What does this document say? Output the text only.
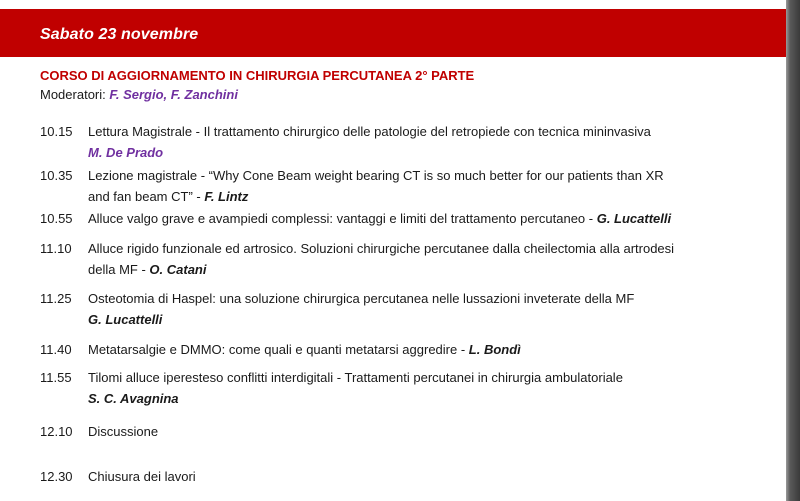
Sabato 23 novembre
CORSO DI AGGIORNAMENTO IN CHIRURGIA PERCUTANEA 2° PARTE
Moderatori: F. Sergio, F. Zanchini
10.15	Lettura Magistrale - Il trattamento chirurgico delle patologie del retropiede con tecnica mininvasiva
M. De Prado
10.35	Lezione magistrale - “Why Cone Beam weight bearing CT is so much better for our patients than XR
and fan beam CT” - F. Lintz
10.55	Alluce valgo grave e avampiedi complessi: vantaggi e limiti del trattamento percutaneo - G. Lucattelli
11.10	Alluce rigido funzionale ed artrosico. Soluzioni chirurgiche percutanee dalla cheilectomia alla artrodesi
della MF - O. Catani
11.25	Osteotomia di Haspel: una soluzione chirurgica percutanea nelle lussazioni inveterate della MF
G. Lucattelli
11.40	Metatarsalgie e DMMO: come quali e quanti metatarsi aggredire - L. Bondì
11.55	Tilomi alluce iperesteso conflitti interdigitali - Trattamenti percutanei in chirurgia ambulatoriale
S. C. Avagnina
12.10	Discussione
12.30	Chiusura dei lavori
